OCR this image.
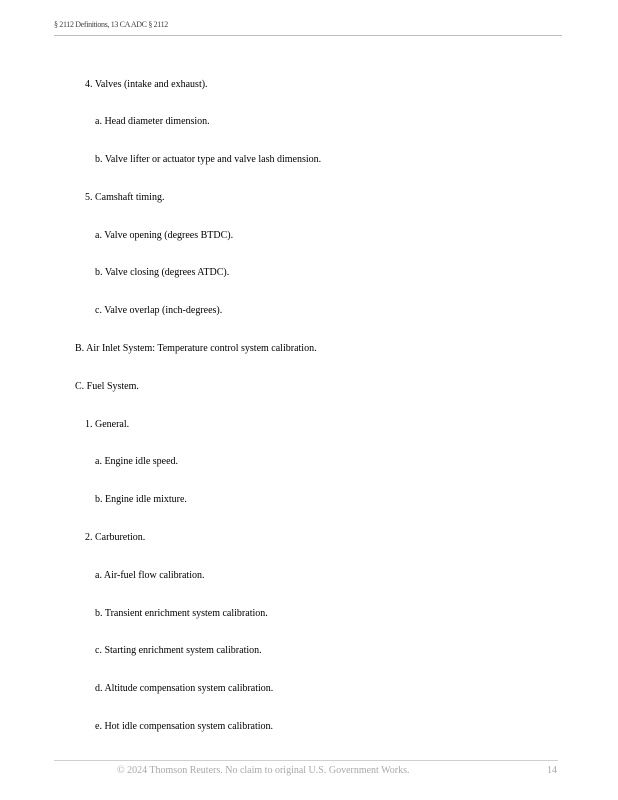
§ 2112 Definitions, 13 CA ADC § 2112
4. Valves (intake and exhaust).
a. Head diameter dimension.
b. Valve lifter or actuator type and valve lash dimension.
5. Camshaft timing.
a. Valve opening (degrees BTDC).
b. Valve closing (degrees ATDC).
c. Valve overlap (inch-degrees).
B. Air Inlet System: Temperature control system calibration.
C. Fuel System.
1. General.
a. Engine idle speed.
b. Engine idle mixture.
2. Carburetion.
a. Air-fuel flow calibration.
b. Transient enrichment system calibration.
c. Starting enrichment system calibration.
d. Altitude compensation system calibration.
e. Hot idle compensation system calibration.
© 2024 Thomson Reuters. No claim to original U.S. Government Works.	14
